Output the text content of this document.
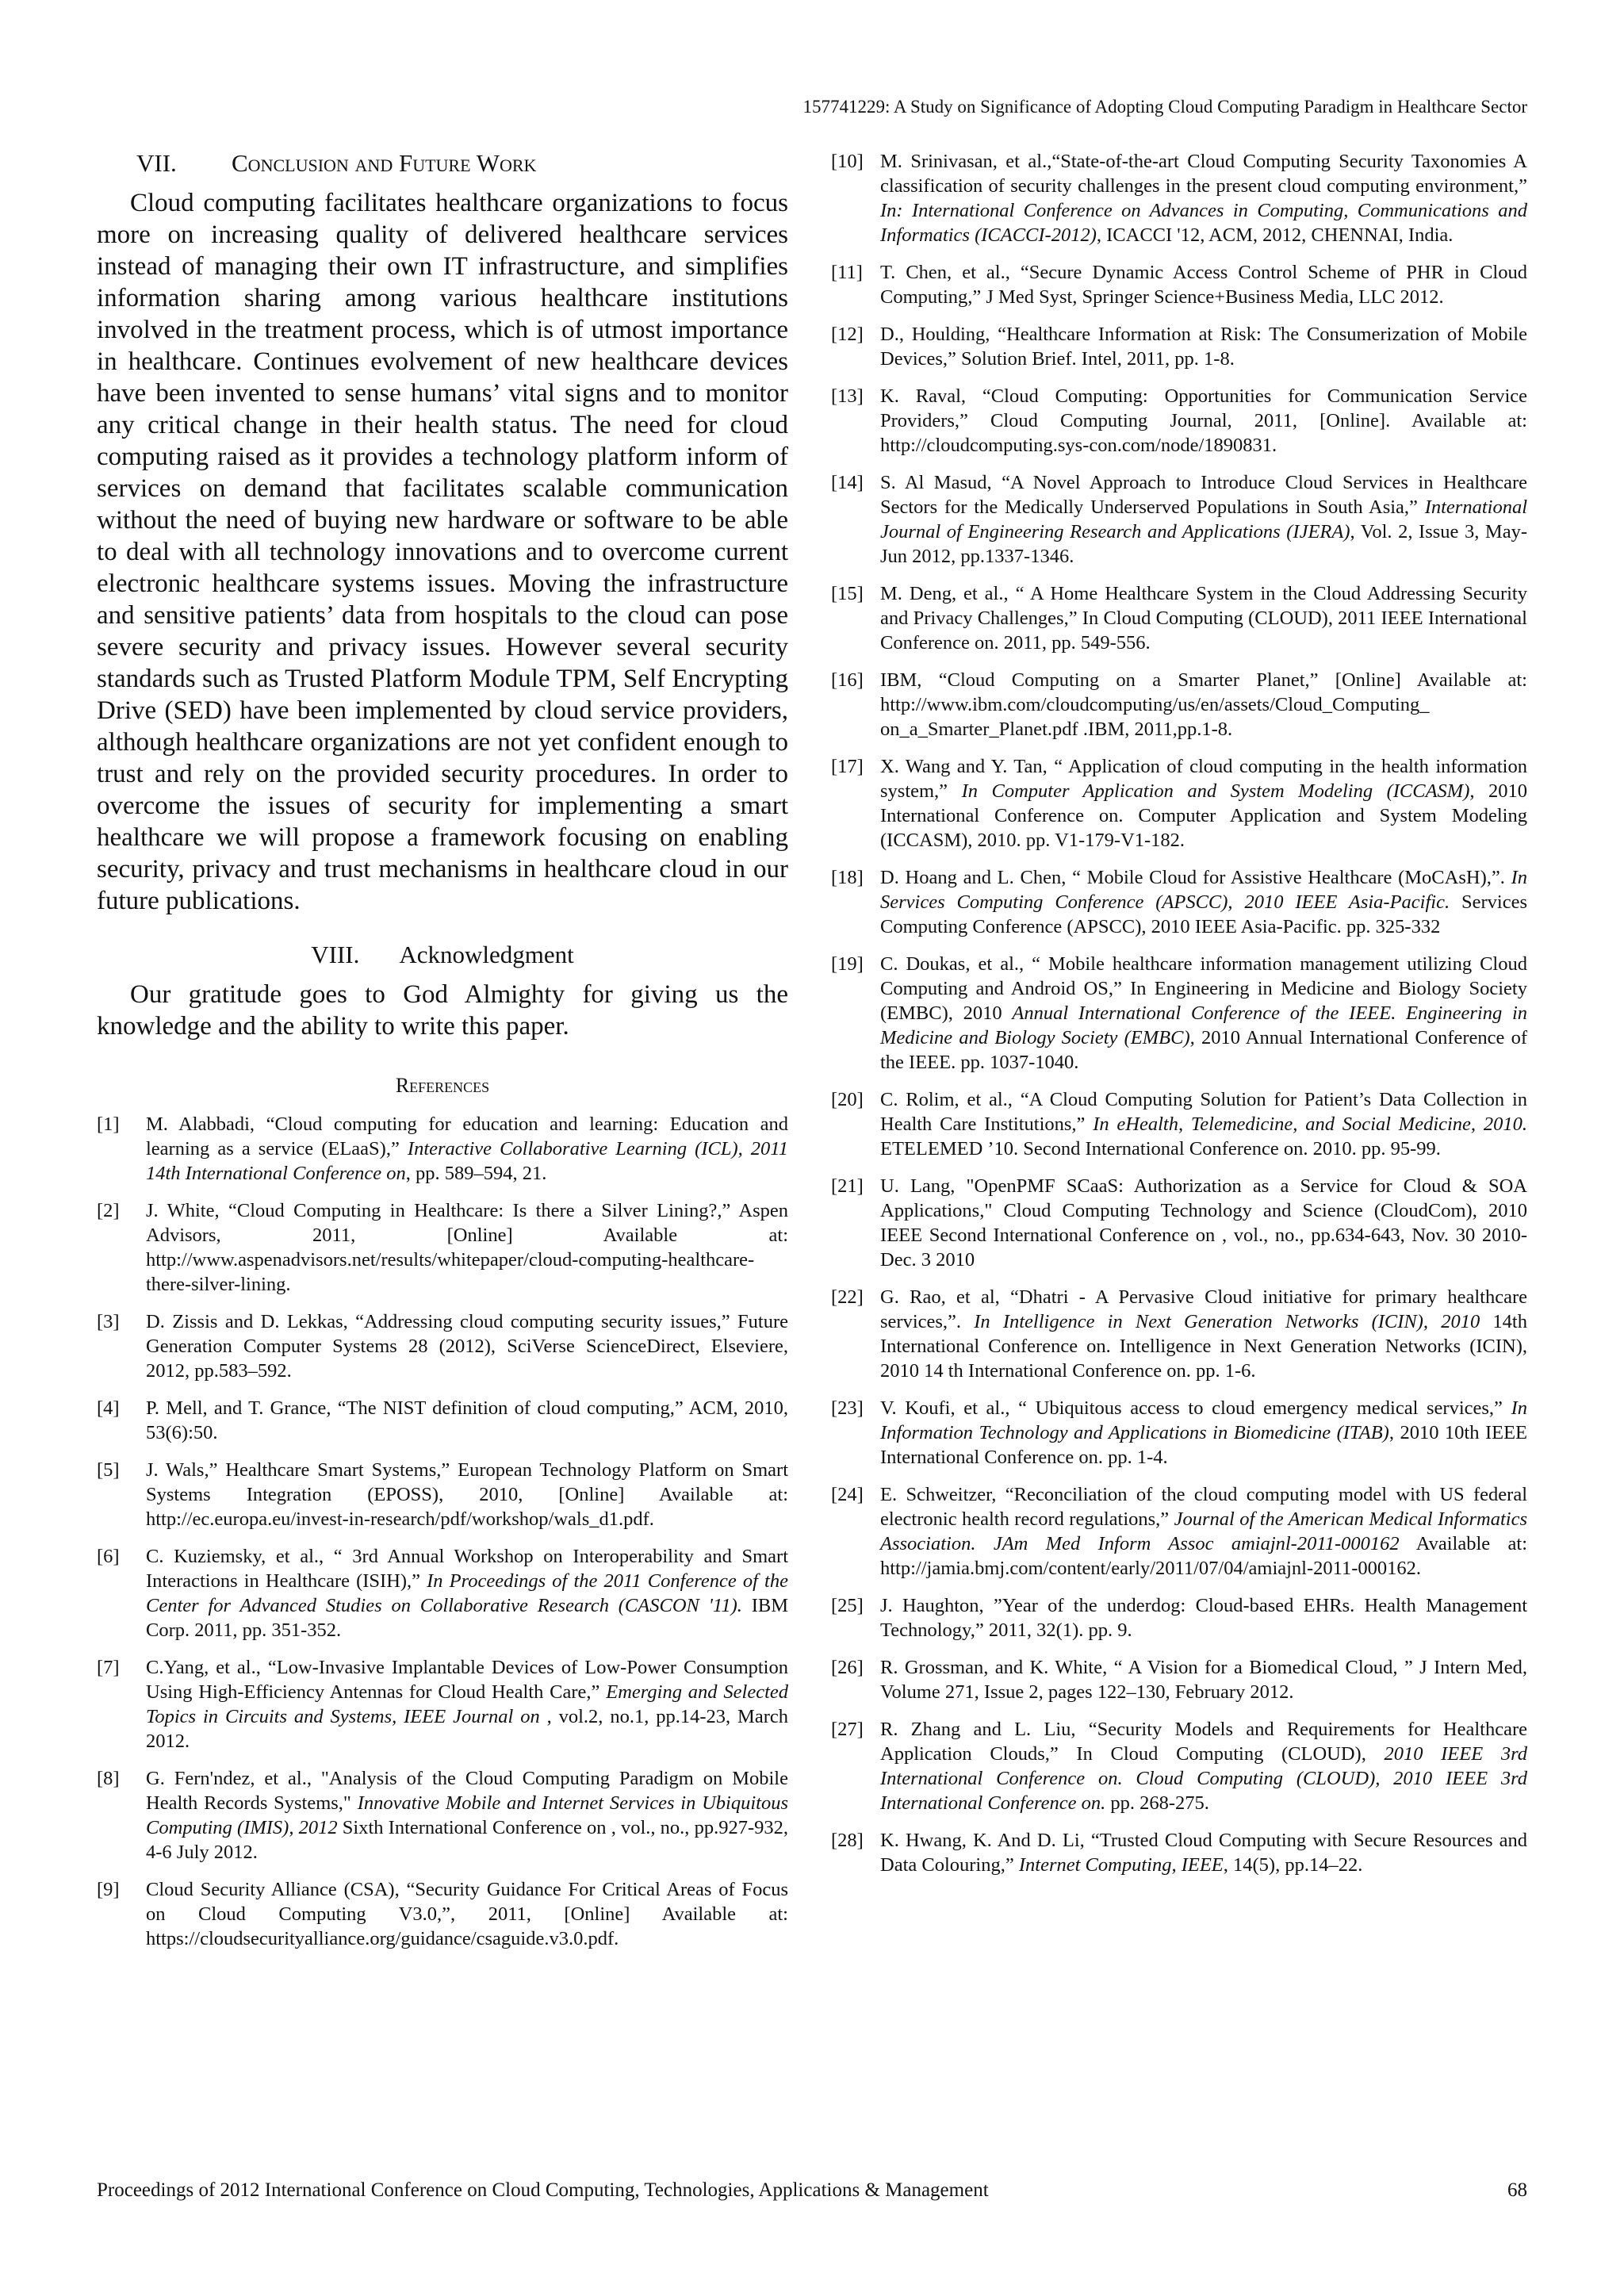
157741229: A Study on Significance of Adopting Cloud Computing Paradigm in Healthcare Sector
VII. Conclusion and Future Work

Cloud computing facilitates healthcare organizations to focus more on increasing quality of delivered healthcare services instead of managing their own IT infrastructure, and simplifies information sharing among various healthcare institutions involved in the treatment process, which is of utmost importance in healthcare. Continues evolvement of new healthcare devices have been invented to sense humans’ vital signs and to monitor any critical change in their health status. The need for cloud computing raised as it provides a technology platform inform of services on demand that facilitates scalable communication without the need of buying new hardware or software to be able to deal with all technology innovations and to overcome current electronic healthcare systems issues. Moving the infrastructure and sensitive patients’ data from hospitals to the cloud can pose severe security and privacy issues. However several security standards such as Trusted Platform Module TPM, Self Encrypting Drive (SED) have been implemented by cloud service providers, although healthcare organizations are not yet confident enough to trust and rely on the provided security procedures. In order to overcome the issues of security for implementing a smart healthcare we will propose a framework focusing on enabling security, privacy and trust mechanisms in healthcare cloud in our future publications.

VIII. Acknowledgment

Our gratitude goes to God Almighty for giving us the knowledge and the ability to write this paper.

References
[1]	M. Alabbadi, “Cloud computing for education and learning: Education and learning as a service (ELaaS),” Interactive Collaborative Learning (ICL), 2011 14th International Conference on, pp. 589–594, 21.
[2]	J. White, “Cloud Computing in Healthcare: Is there a Silver Lining?,” Aspen Advisors, 2011, [Online] Available at: http://www.aspenadvisors.net/results/whitepaper/cloud-computing-healthcare-there-silver-lining.
[3]	D. Zissis and D. Lekkas, “Addressing cloud computing security issues,” Future Generation Computer Systems 28 (2012), SciVerse ScienceDirect, Elseviere, 2012, pp.583–592.
[4]	P. Mell, and T. Grance, “The NIST definition of cloud computing,” ACM, 2010, 53(6):50.
[5]	J. Wals,” Healthcare Smart Systems,” European Technology Platform on Smart Systems Integration (EPOSS), 2010, [Online] Available at: http://ec.europa.eu/invest-in-research/pdf/workshop/wals_d1.pdf.
[6]	C. Kuziemsky, et al., “ 3rd Annual Workshop on Interoperability and Smart Interactions in Healthcare (ISIH),” In Proceedings of the 2011 Conference of the Center for Advanced Studies on Collaborative Research (CASCON '11). IBM Corp. 2011, pp. 351-352.
[7]	C.Yang, et al., “Low-Invasive Implantable Devices of Low-Power Consumption Using High-Efficiency Antennas for Cloud Health Care,” Emerging and Selected Topics in Circuits and Systems, IEEE Journal on , vol.2, no.1, pp.14-23, March 2012.
[8]	G. Fern'ndez, et al., "Analysis of the Cloud Computing Paradigm on Mobile Health Records Systems," Innovative Mobile and Internet Services in Ubiquitous Computing (IMIS), 2012 Sixth International Conference on , vol., no., pp.927-932, 4-6 July 2012.
[9]	Cloud Security Alliance (CSA), “Security Guidance For Critical Areas of Focus on Cloud Computing V3.0,”, 2011, [Online] Available at: https://cloudsecurityalliance.org/guidance/csaguide.v3.0.pdf.
[10] M. Srinivasan, et al.,“State-of-the-art Cloud Computing Security Taxonomies A classification of security challenges in the present cloud computing environment,” In: International Conference on Advances in Computing, Communications and Informatics (ICACCI-2012), ICACCI '12, ACM, 2012, CHENNAI, India.
[11] T. Chen, et al., “Secure Dynamic Access Control Scheme of PHR in Cloud Computing,” J Med Syst, Springer Science+Business Media, LLC 2012.
[12] D., Houlding, “Healthcare Information at Risk: The Consumerization of Mobile Devices,” Solution Brief. Intel, 2011, pp. 1-8.
[13] K. Raval, “Cloud Computing: Opportunities for Communication Service Providers,” Cloud Computing Journal, 2011, [Online]. Available at: http://cloudcomputing.sys-con.com/node/1890831.
[14] S. Al Masud, “A Novel Approach to Introduce Cloud Services in Healthcare Sectors for the Medically Underserved Populations in South Asia,” International Journal of Engineering Research and Applications (IJERA), Vol. 2, Issue 3, May-Jun 2012, pp.1337-1346.
[15] M. Deng, et al., “ A Home Healthcare System in the Cloud Addressing Security and Privacy Challenges,” In Cloud Computing (CLOUD), 2011 IEEE International Conference on. 2011, pp. 549-556.
[16] IBM, “Cloud Computing on a Smarter Planet,” [Online] Available at: http://www.ibm.com/cloudcomputing/us/en/assets/Cloud_Computing_ on_a_Smarter_Planet.pdf .IBM, 2011,pp.1-8.
[17] X. Wang and Y. Tan, “ Application of cloud computing in the health information system,” In Computer Application and System Modeling (ICCASM), 2010 International Conference on. Computer Application and System Modeling (ICCASM), 2010. pp. V1-179-V1-182.
[18] D. Hoang and L. Chen, “ Mobile Cloud for Assistive Healthcare (MoCAsH),”. In Services Computing Conference (APSCC), 2010 IEEE Asia-Pacific. Services Computing Conference (APSCC), 2010 IEEE Asia-Pacific. pp. 325-332
[19] C. Doukas, et al., “ Mobile healthcare information management utilizing Cloud Computing and Android OS,” In Engineering in Medicine and Biology Society (EMBC), 2010 Annual International Conference of the IEEE. Engineering in Medicine and Biology Society (EMBC), 2010 Annual International Conference of the IEEE. pp. 1037-1040.
[20] C. Rolim, et al., “A Cloud Computing Solution for Patient’s Data Collection in Health Care Institutions,” In eHealth, Telemedicine, and Social Medicine, 2010. ETELEMED ’10. Second International Conference on. 2010. pp. 95-99.
[21] U. Lang, "OpenPMF SCaaS: Authorization as a Service for Cloud & SOA Applications," Cloud Computing Technology and Science (CloudCom), 2010 IEEE Second International Conference on , vol., no., pp.634-643, Nov. 30 2010-Dec. 3 2010
[22] G. Rao, et al, “Dhatri - A Pervasive Cloud initiative for primary healthcare services,”. In Intelligence in Next Generation Networks (ICIN), 2010 14th International Conference on. Intelligence in Next Generation Networks (ICIN), 2010 14 th International Conference on. pp. 1-6.
[23] V. Koufi, et al., “ Ubiquitous access to cloud emergency medical services,” In Information Technology and Applications in Biomedicine (ITAB), 2010 10th IEEE International Conference on. pp. 1-4.
[24] E. Schweitzer, “Reconciliation of the cloud computing model with US federal electronic health record regulations,” Journal of the American Medical Informatics Association. JAm Med Inform Assoc amiajnl-2011-000162 Available at: http://jamia.bmj.com/content/early/2011/07/04/amiajnl-2011-000162.
[25] J. Haughton, ”Year of the underdog: Cloud-based EHRs. Health Management Technology,” 2011, 32(1). pp. 9.
[26] R. Grossman, and K. White, “ A Vision for a Biomedical Cloud, ” J Intern Med, Volume 271, Issue 2, pages 122–130, February 2012.
[27] R. Zhang and L. Liu, “Security Models and Requirements for Healthcare Application Clouds,” In Cloud Computing (CLOUD), 2010 IEEE 3rd International Conference on. Cloud Computing (CLOUD), 2010 IEEE 3rd International Conference on. pp. 268-275.
[28] K. Hwang, K. And D. Li, “Trusted Cloud Computing with Secure Resources and Data Colouring,” Internet Computing, IEEE, 14(5), pp.14–22.
Proceedings of 2012 International Conference on Cloud Computing, Technologies, Applications & Management	68
